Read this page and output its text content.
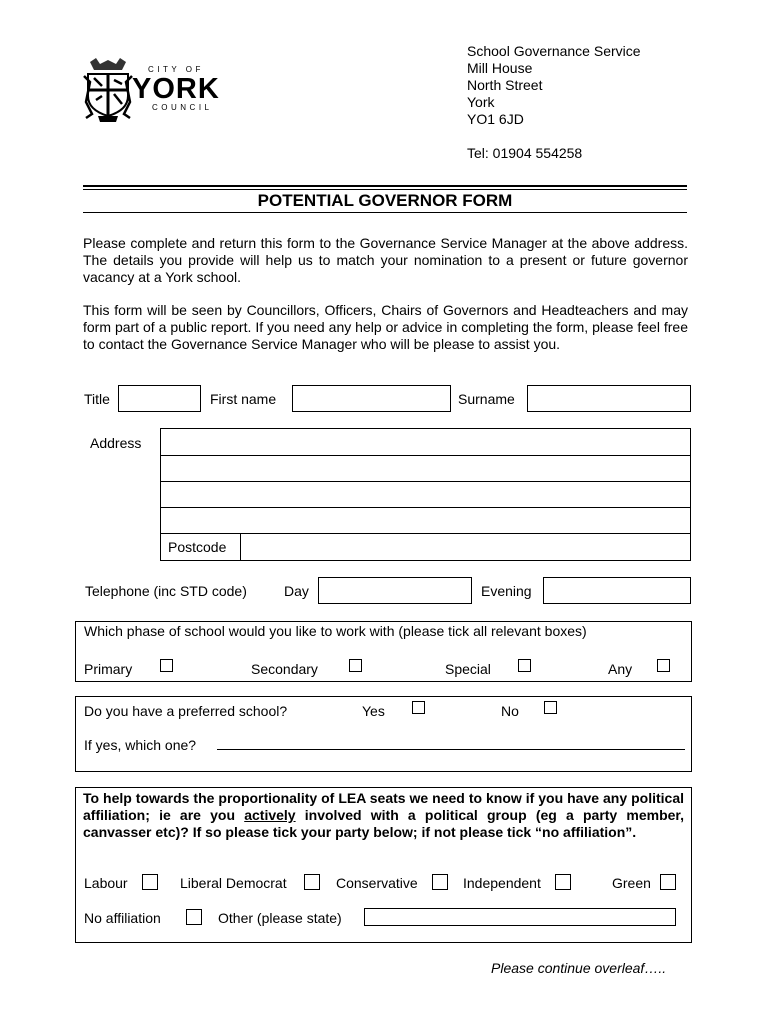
CITY OF
YORK
COUNCIL
School Governance Service
Mill House
North Street
York
YO1 6JD
Tel: 01904 554258
POTENTIAL GOVERNOR FORM
Please complete and return this form to the Governance Service Manager at the above address. The details you provide will help us to match your nomination to a present or future governor vacancy at a York school.
This form will be seen by Councillors, Officers, Chairs of Governors and Headteachers and may form part of a public report. If you need any help or advice in completing the form, please feel free to contact the Governance Service Manager who will be please to assist you.
Title	First name	Surname
Address
Postcode
Telephone (inc STD code)	Day	Evening
Which phase of school would you like to work with (please tick all relevant boxes)
Primary	Secondary	Special	Any
Do you have a preferred school?	Yes	No
If yes, which one?
To help towards the proportionality of LEA seats we need to know if you have any political affiliation; ie are you actively involved with a political group (eg a party member, canvasser etc)? If so please tick your party below; if not please tick “no affiliation”.
Labour	Liberal Democrat	Conservative	Independent	Green
No affiliation	Other (please state)
Please continue overleaf…..
